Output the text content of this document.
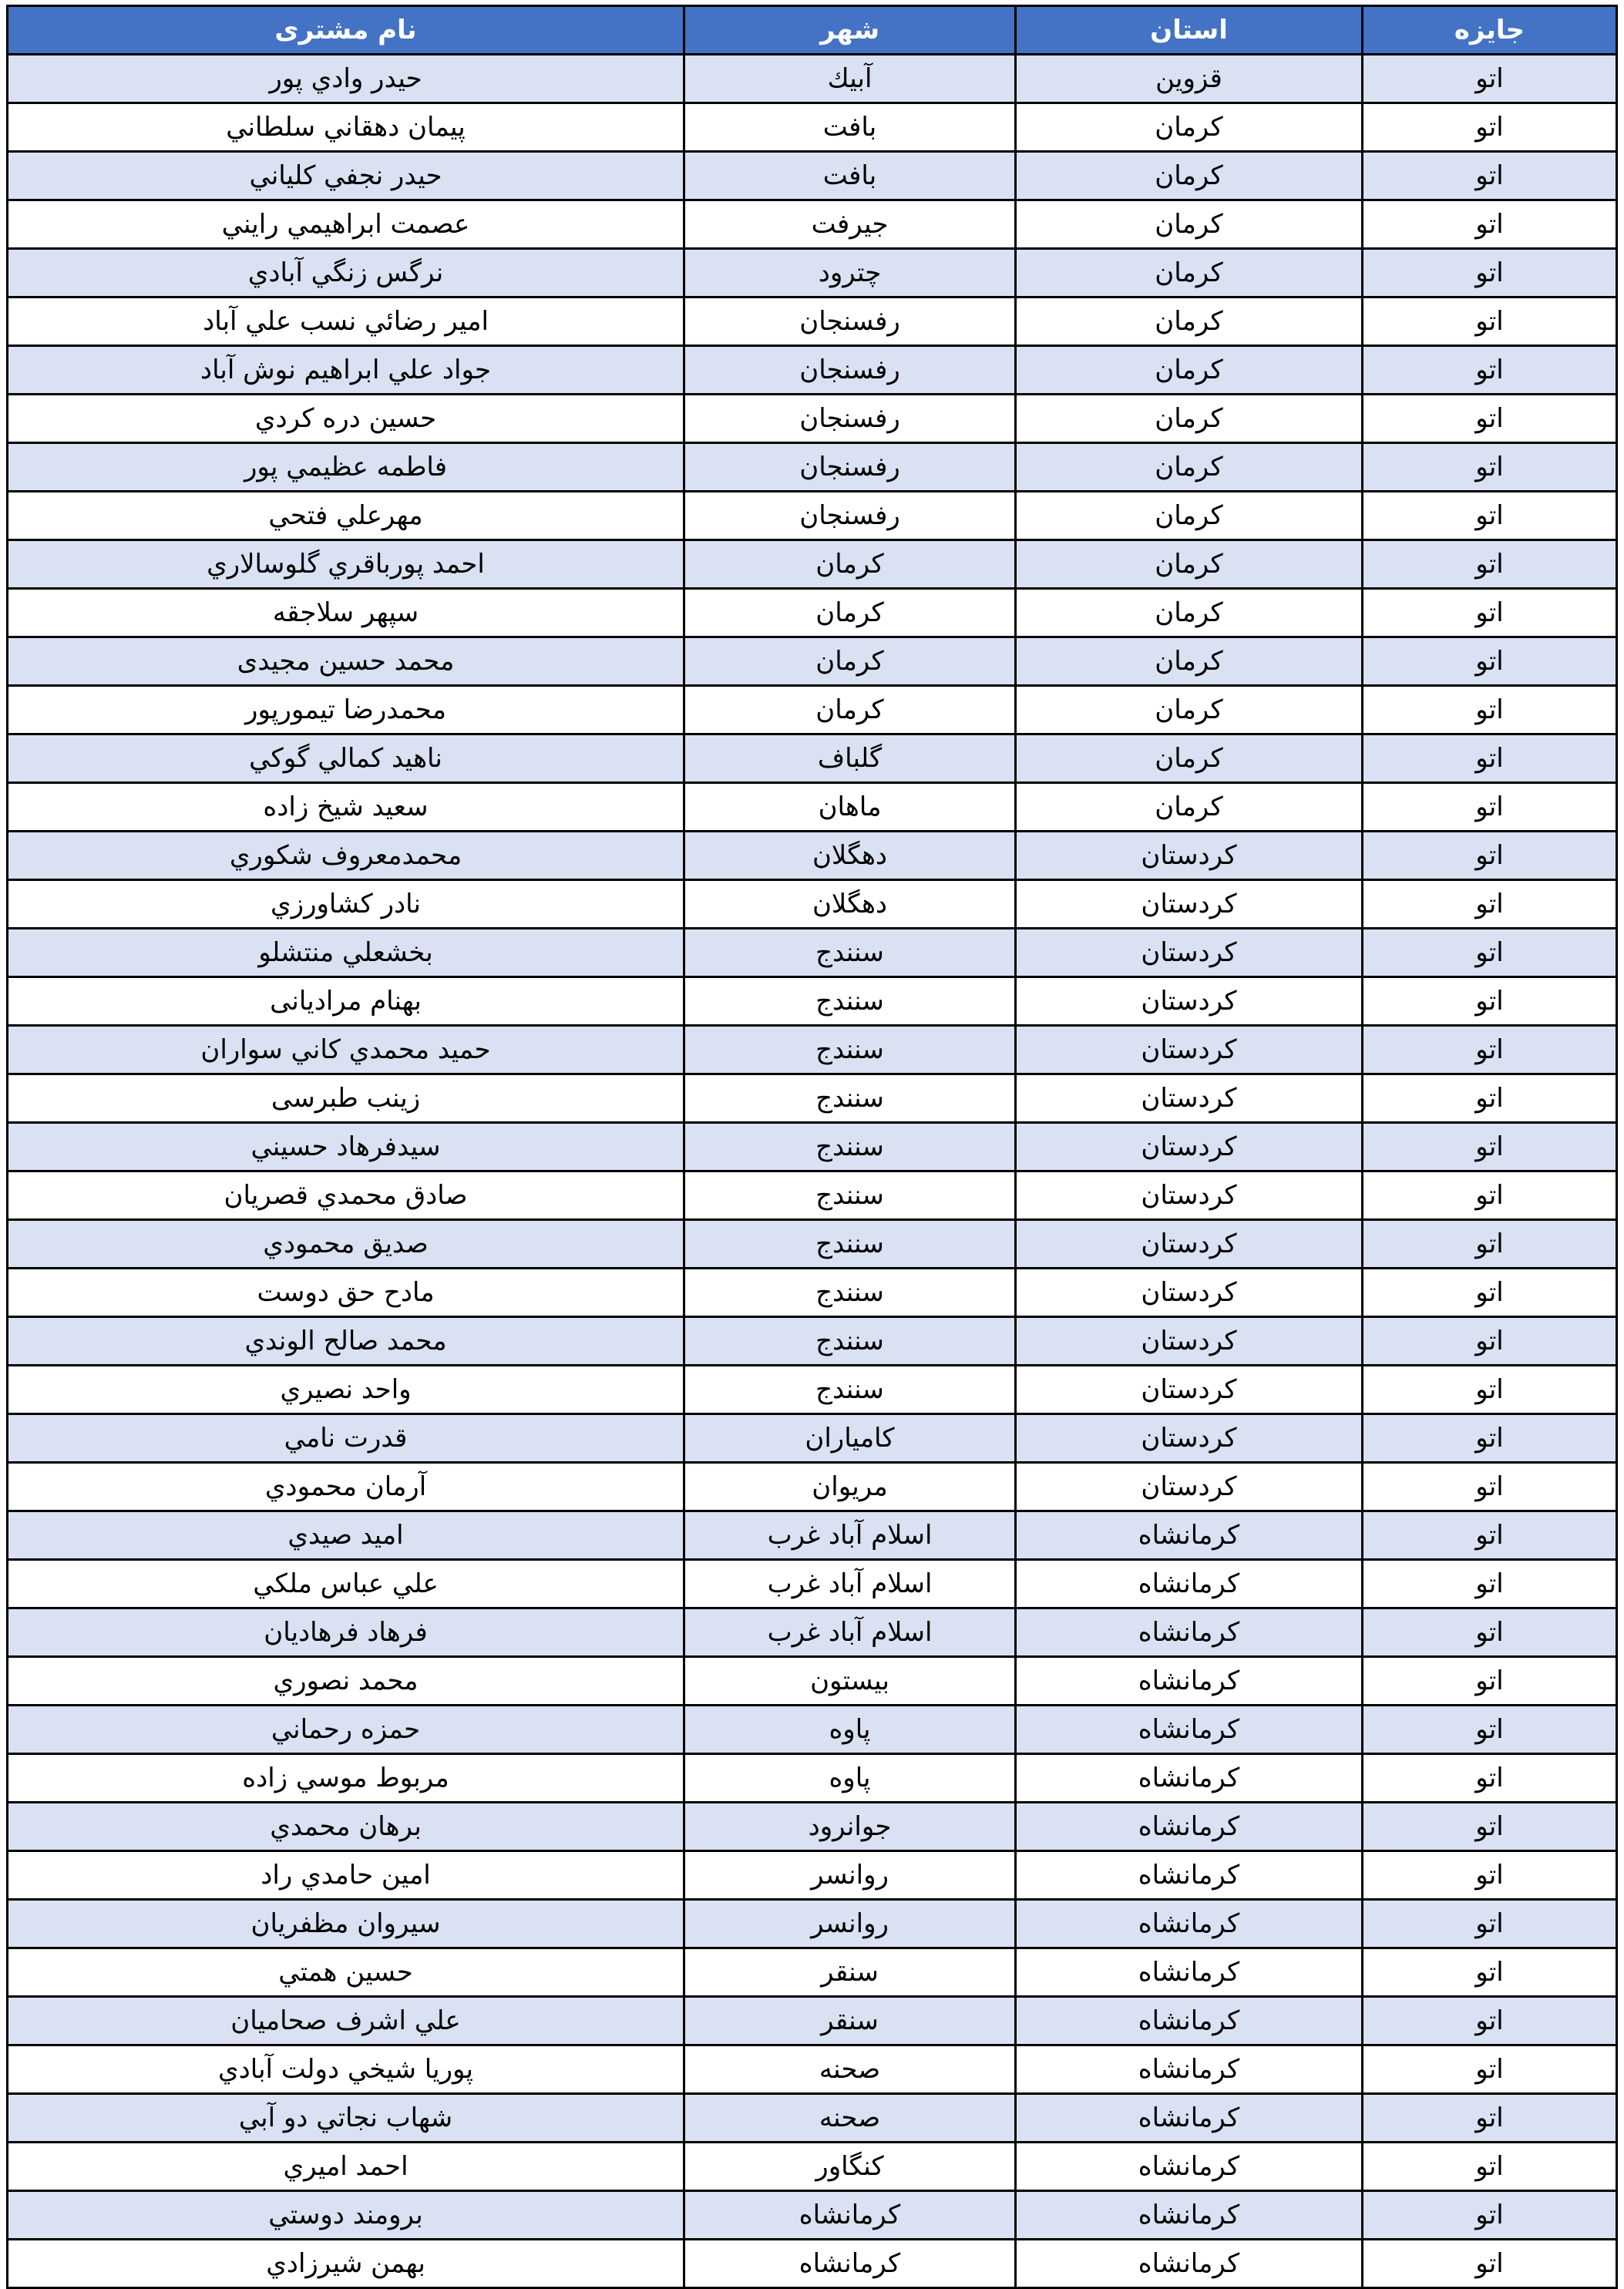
جايزه	استان	شهر	نام مشتری
اتو	قزوين	آبيك	حيدر وادي پور
اتو	كرمان	بافت	پيمان دهقاني سلطاني
اتو	كرمان	بافت	حيدر نجفي كلياني
اتو	كرمان	جيرفت	عصمت ابراهيمي رايني
اتو	كرمان	چترود	نرگس زنگي آبادي
اتو	كرمان	رفسنجان	امير رضائي نسب علي آباد
اتو	كرمان	رفسنجان	جواد علي ابراهيم نوش آباد
اتو	كرمان	رفسنجان	حسين دره كردي
اتو	كرمان	رفسنجان	فاطمه عظيمي پور
اتو	كرمان	رفسنجان	مهرعلي فتحي
اتو	كرمان	كرمان	احمد پورباقري گلوسالاري
اتو	كرمان	كرمان	سپهر سلاجقه
اتو	كرمان	كرمان	محمد حسين مجيدی
اتو	كرمان	كرمان	محمدرضا تيمورپور
اتو	كرمان	گلباف	ناهيد كمالي گوكي
اتو	كرمان	ماهان	سعيد شيخ زاده
اتو	كردستان	دهگلان	محمدمعروف شكوري
اتو	كردستان	دهگلان	نادر كشاورزي
اتو	كردستان	سنندج	بخشعلي منتشلو
اتو	كردستان	سنندج	بهنام مراديانی
اتو	كردستان	سنندج	حميد محمدي كاني سواران
اتو	كردستان	سنندج	زينب طبرسی
اتو	كردستان	سنندج	سيدفرهاد حسيني
اتو	كردستان	سنندج	صادق محمدي قصريان
اتو	كردستان	سنندج	صديق محمودي
اتو	كردستان	سنندج	مادح حق دوست
اتو	كردستان	سنندج	محمد صالح الوندي
اتو	كردستان	سنندج	واحد نصيري
اتو	كردستان	كامياران	قدرت نامي
اتو	كردستان	مريوان	آرمان محمودي
اتو	كرمانشاه	اسلام آباد غرب	اميد صيدي
اتو	كرمانشاه	اسلام آباد غرب	علي عباس ملكي
اتو	كرمانشاه	اسلام آباد غرب	فرهاد فرهاديان
اتو	كرمانشاه	بيستون	محمد نصوري
اتو	كرمانشاه	پاوه	حمزه رحماني
اتو	كرمانشاه	پاوه	مربوط موسي زاده
اتو	كرمانشاه	جوانرود	برهان محمدي
اتو	كرمانشاه	روانسر	امين حامدي راد
اتو	كرمانشاه	روانسر	سيروان مظفريان
اتو	كرمانشاه	سنقر	حسين همتي
اتو	كرمانشاه	سنقر	علي اشرف صحاميان
اتو	كرمانشاه	صحنه	پوريا شيخي دولت آبادي
اتو	كرمانشاه	صحنه	شهاب نجاتي دو آبي
اتو	كرمانشاه	كنگاور	احمد اميري
اتو	كرمانشاه	كرمانشاه	برومند دوستي
اتو	كرمانشاه	كرمانشاه	بهمن شيرزادي
